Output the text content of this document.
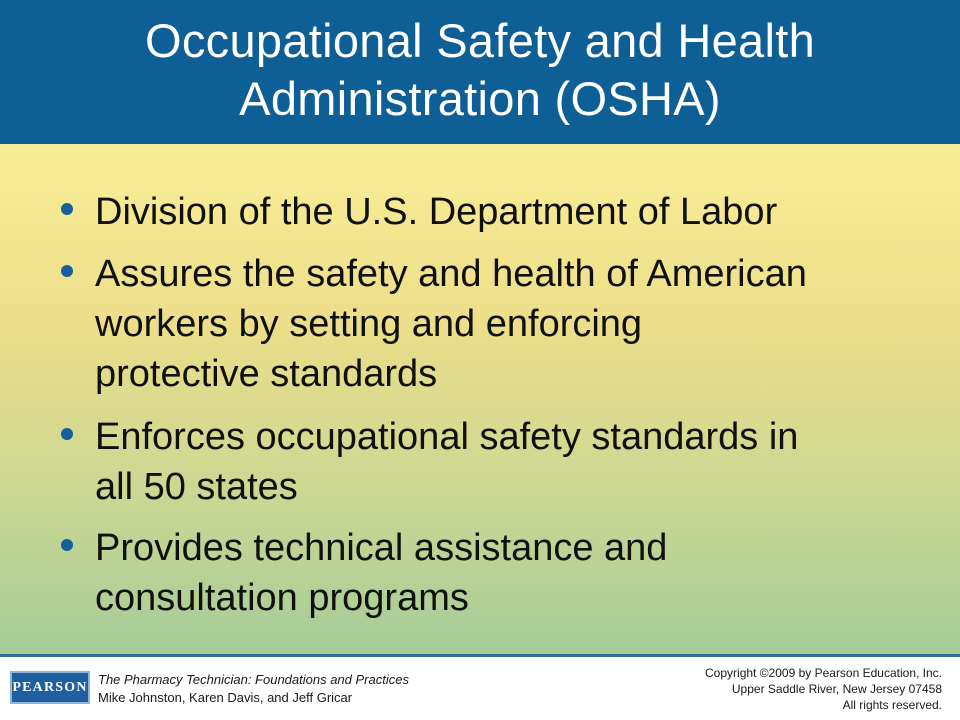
Occupational Safety and Health
Administration (OSHA)
Division of the U.S. Department of Labor
Assures the safety and health of American
workers by setting and enforcing
protective standards
Enforces occupational safety standards in
all 50 states
Provides technical assistance and
consultation programs
PEARSON
The Pharmacy Technician: Foundations and Practices
Mike Johnston, Karen Davis, and Jeff Gricar
Copyright ©2009 by Pearson Education, Inc.
Upper Saddle River, New Jersey 07458
All rights reserved.
